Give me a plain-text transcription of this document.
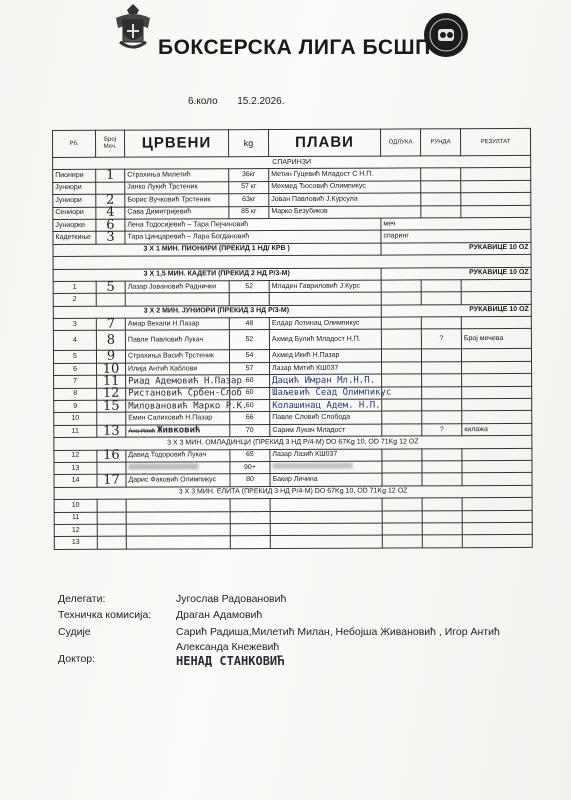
БОКСЕРСКА ЛИГА БСШП
6.коло 15.2.2026.
Рб.	Број Меч.	ЦРВЕНИ	kg	ПЛАВИ	ОДЛУКА	РУНДА	РЕЗУЛТАТ
СПАРИНЗИ							
Пионири	1	Страхиња Милетић	36кг	Метин Гуцевић Младост С Н.П.			
Јуниори		Јанко Лукић Трстеник	57 кг	Мехмед Ђосовић Олимпикус			
Јуниори	2	Борис Вучковић Трстеник	63кг	Јован Павловић Ј.Курсула			
Сениори	4	Сава Димитријевић	85 кг	Марко Безубиков			
Јуниорке	6	Лена Тодосијевић – Тара Пејчиновић			меч		
Кадеткиње	3	Тара Цинцаревић – Лара Богдановић			спаринг		
3 X 1 МИН. ПИОНИРИ (ПРЕКИД 1 НД/ КРВ )					РУКАВИЦЕ 10 OZ		

3 X 1,5 МИН. КАДЕТИ (ПРЕКИД 2 НД Р/3-М)					РУКАВИЦЕ 10 OZ		
1	5	Лазар Јовановић Раднички	52	Младен Гавриловић Ј.Курс			
2							
3 X 2 МИН. ЈУНИОРИ (ПРЕКИД 3 НД Р/3-М)					РУКАВИЦЕ 10 OZ		
3	7	Амар Вехапи Н.Пазар	48	Елдар Лотинац Олимпикус			
4	8	Павле Павловић Лукач	52	Ахмед Булић Младост Н.П.		?	Број мечева
5	9	Страхиња Васић Трстеник	54	Ахмед Икић Н.Пазар			
6	10	Илија Антић Каблови	57	Лазар Митић КШ037			
7	11	Риад Адемовић Н.Пазар	60	Дацић Имран Мл.Н.П.			
8	12	Ристановић Србен-Слоб	60	Шаљевић Сеад Олимпикус			
9	15	Миловановић Марко Р.К.	60	Колашинац Адем. Н.П.			
10		Емин Салиховић Н.Пазар	66	Павле Словић Слобода			
11	13	Ана Илић Живковић	70	Сарим Лукач Младост		?	килажа
3 X 3 МИН. ОМЛАДИНЦИ (ПРЕКИД 3 НД Р/4-М) DO 67Kg 10, OD 71Kg 12 OZ							
12	16	Давид Тодоровић Лукач	65	Лазар Лазић КШ037			
13			90+				
14	17	Дарис Факовић Олимпикус	80	Бакир Личина			
3 X 3 МИН. ЕЛИТА (ПРЕКИД 3 НД Р/4-М) DO 67Kg 10, OD 71Kg 12 OZ							
10							
11							
12							
13							
Делегати:	Југослав Радовановић
Техничка комисија: Драган Адамовић
Судије	Сарић Радиша,Милетић Милан, Небојша Живановић , Игор Антић
Александа Кнежевић
Доктор:	НЕНАД СТАНКОВИЋ
